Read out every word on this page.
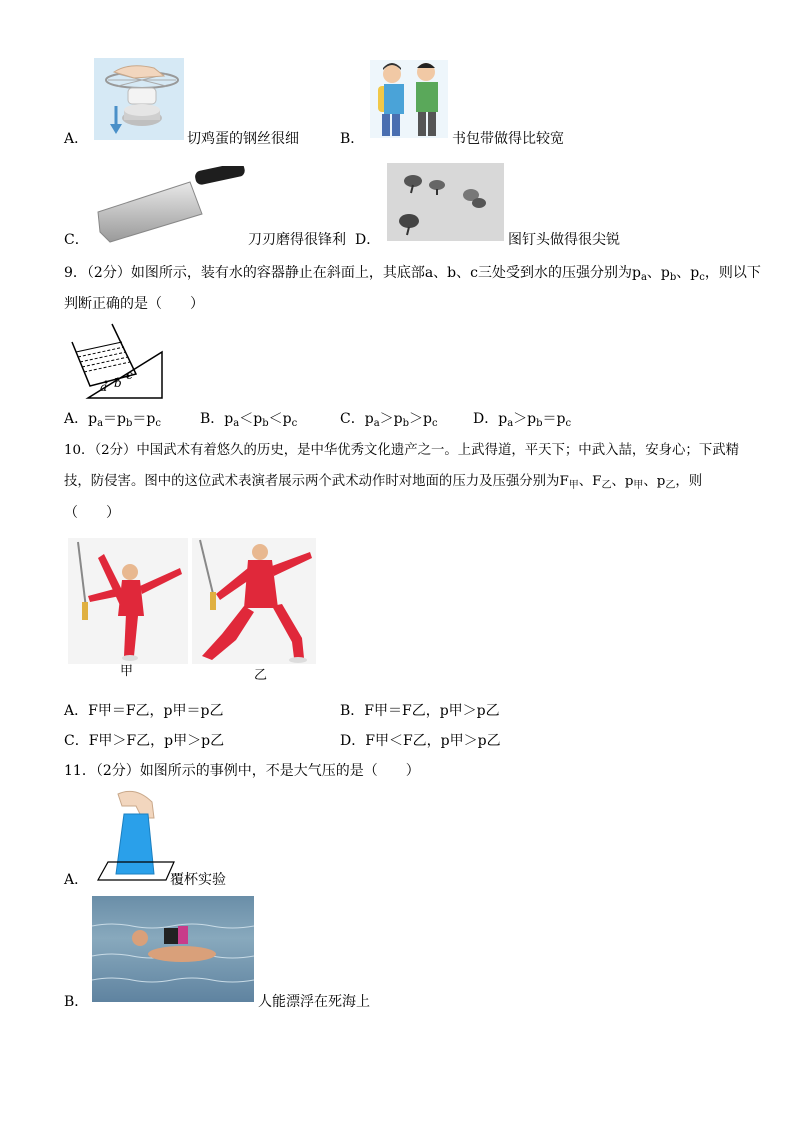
A．	切鸡蛋的钢丝很细	B．	书包带做得比较宽
C．	刀刃磨得很锋利 D．	图钉头做得很尖锐
9．（2分）如图所示，装有水的容器静止在斜面上，其底部a、b、c三处受到水的压强分别为$p_a$、$p_b$、$p_c$，则以下
判断正确的是（　　）
a b
c
A．$p_a=p_b=p_c$	B．$p_a<p_b<p_c$	C．$p_a>p_b>p_c$	D．$p_a>p_b=p_c$
10．（2分）中国武术有着悠久的历史，是中华优秀文化遗产之一。上武得道，平天下；中武入喆，安身心；下武精
技，防侵害。图中的这位武术表演者展示两个武术动作时对地面的压力及压强分别为$F_甲$、$F_乙$、$p_甲$、$p_乙$，则
（　　）
甲	乙
A．F甲＝F乙，p甲＝p乙	B．F甲＝F乙，p甲＞p乙
C．F甲＞F乙，p甲＞p乙	D．F甲＜F乙，p甲＞p乙
11．（2分）如图所示的事例中，不是大气压的是（　　）
A．	覆杯实验
B．	人能漂浮在死海上
